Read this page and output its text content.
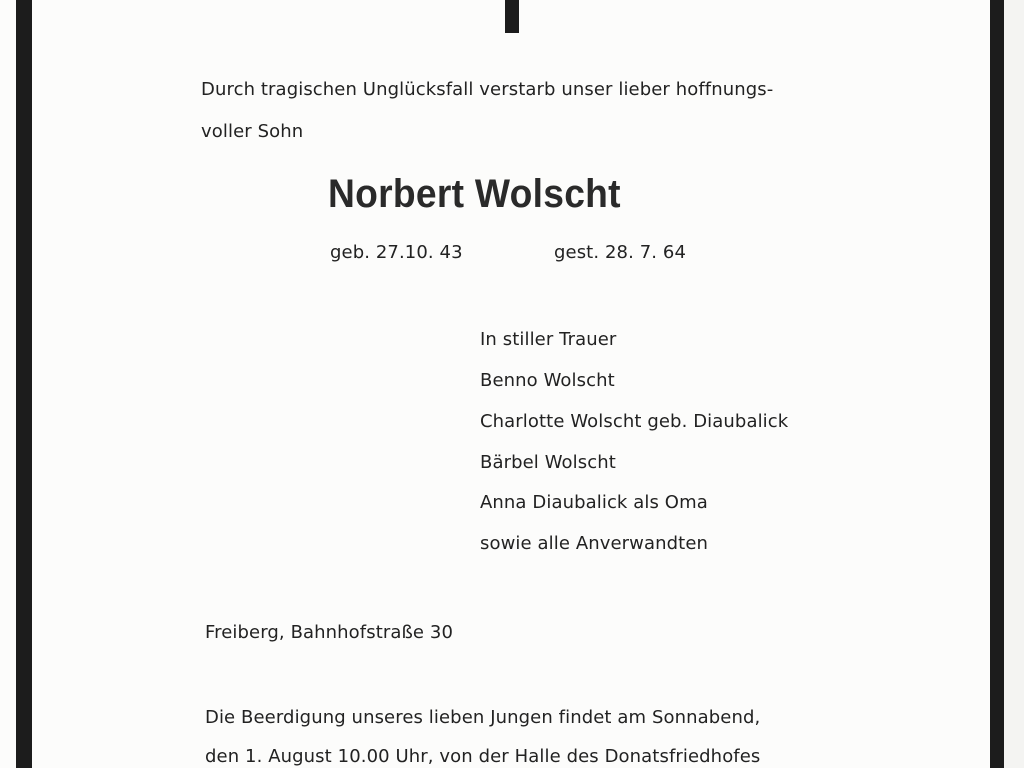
Durch tragischen Unglücksfall verstarb unser lieber hoffnungs-
voller Sohn
Norbert Wolscht
geb. 27.10. 43	gest. 28. 7. 64
In stiller Trauer
Benno Wolscht
Charlotte Wolscht geb. Diaubalick
Bärbel Wolscht
Anna Diaubalick als Oma
sowie alle Anverwandten
Freiberg, Bahnhofstraße 30
Die Beerdigung unseres lieben Jungen findet am Sonnabend,
den 1. August 10.00 Uhr, von der Halle des Donatsfriedhofes
